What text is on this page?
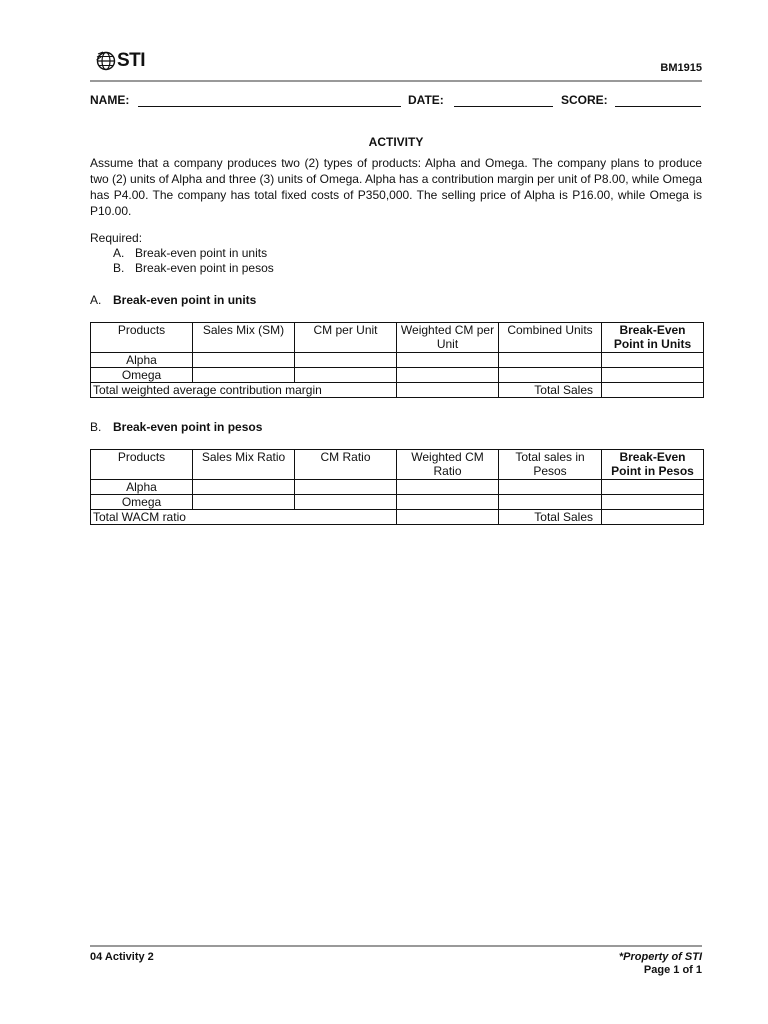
STI	BM1915
NAME:	DATE:	SCORE:
ACTIVITY
Assume that a company produces two (2) types of products: Alpha and Omega. The company plans to produce two (2) units of Alpha and three (3) units of Omega. Alpha has a contribution margin per unit of P8.00, while Omega has P4.00. The company has total fixed costs of P350,000. The selling price of Alpha is P16.00, while Omega is P10.00.
Required:
A. Break-even point in units
B. Break-even point in pesos
A. Break-even point in units
Products	Sales Mix (SM)	CM per Unit	Weighted CM per Unit	Combined Units	Break-Even Point in Units
Alpha					
Omega					
Total weighted average contribution margin				Total Sales	
B. Break-even point in pesos
Products	Sales Mix Ratio	CM Ratio	Weighted CM Ratio	Total sales in Pesos	Break-Even Point in Pesos
Alpha					
Omega					
Total WACM ratio				Total Sales	
04 Activity 2	*Property of STI
Page 1 of 1
